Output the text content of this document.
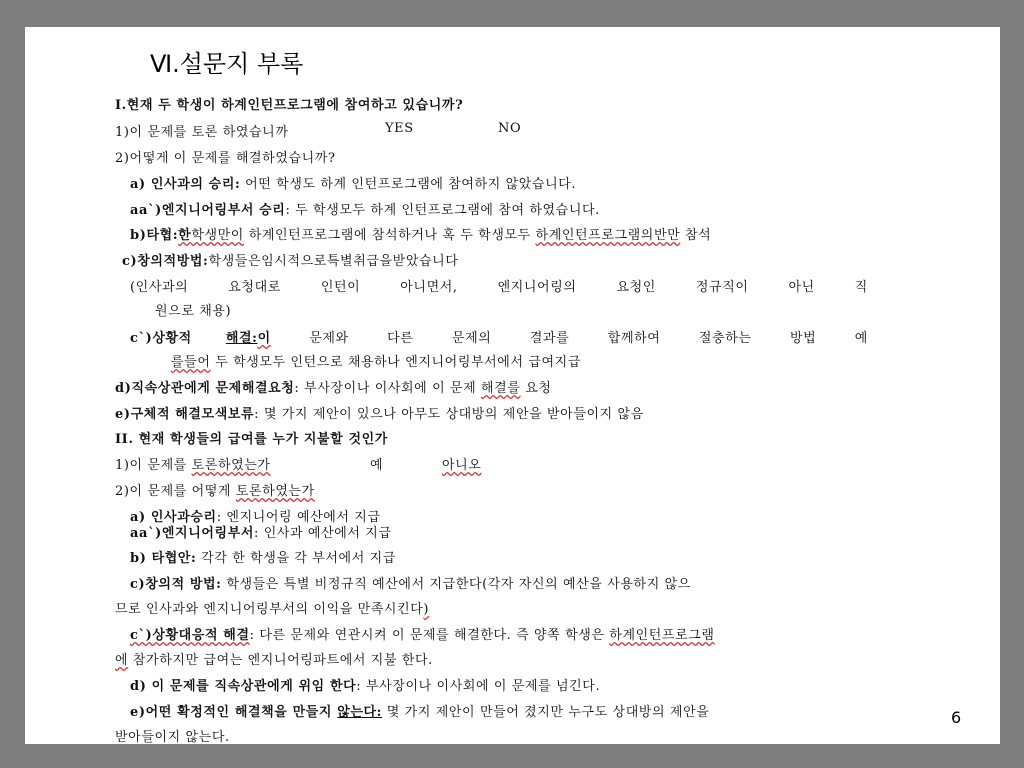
Ⅵ.설문지 부록
I.현재 두 학생이 하계인턴프로그램에 참여하고 있습니까?
1)이 문제를 토론 하였습니까	YES	NO
2)어떻게 이 문제를 해결하였습니까?
a) 인사과의 승리: 어떤 학생도 하계 인턴프로그램에 참여하지 않았습니다.
aa`)엔지니어링부서 승리: 두 학생모두 하계 인턴프로그램에 참여 하였습니다.
b)타협:한학생만이 하계인턴프로그램에 참석하거나 혹 두 학생모두 하계인턴프로그램의반만 참석
c)창의적방법:학생들은임시적으로특별취급을받았습니다
(인사과의	요청대로	인턴이	아니면서,	엔지니어링의	요청인	정규직이	아닌	직
원으로 채용)
c`)상황적	해결:이	문제와	다른	문제의	결과를	합께하여	절충하는	방법	예
를들어 두 학생모두 인턴으로 채용하나 엔지니어링부서에서 급여지급
d)직속상관에게 문제해결요청: 부사장이나 이사회에 이 문제 해결를 요청
e)구체적 해결모색보류: 몇 가지 제안이 있으나 아무도 상대방의 제안을 받아들이지 않음
II. 현재 학생들의 급여를 누가 지불할 것인가
1)이 문제를 토론하였는가	예	아니오
2)이 문제를 어떻게 토론하였는가
a) 인사과승리: 엔지니어링 예산에서 지급
aa`)엔지니어링부서: 인사과 예산에서 지급
b) 타협안: 각각 한 학생을 각 부서에서 지급
c)창의적 방법: 학생들은 특별 비정규직 예산에서 지급한다(각자 자신의 예산을 사용하지 않으
므로 인사과와 엔지니어링부서의 이익을 만족시킨다)
c`)상황대응적 해결: 다른 문제와 연관시켜 이 문제를 해결한다. 즉 양쪽 학생은 하계인턴프로그램
에 참가하지만 급여는 엔지니어링파트에서 지불 한다.
d) 이 문제를 직속상관에게 위임 한다: 부사장이나 이사회에 이 문제를 넘긴다.
e)어떤 확정적인 해결책을 만들지 않는다: 몇 가지 제안이 만들어 졌지만 누구도 상대방의 제안을
받아들이지 않는다.
6
